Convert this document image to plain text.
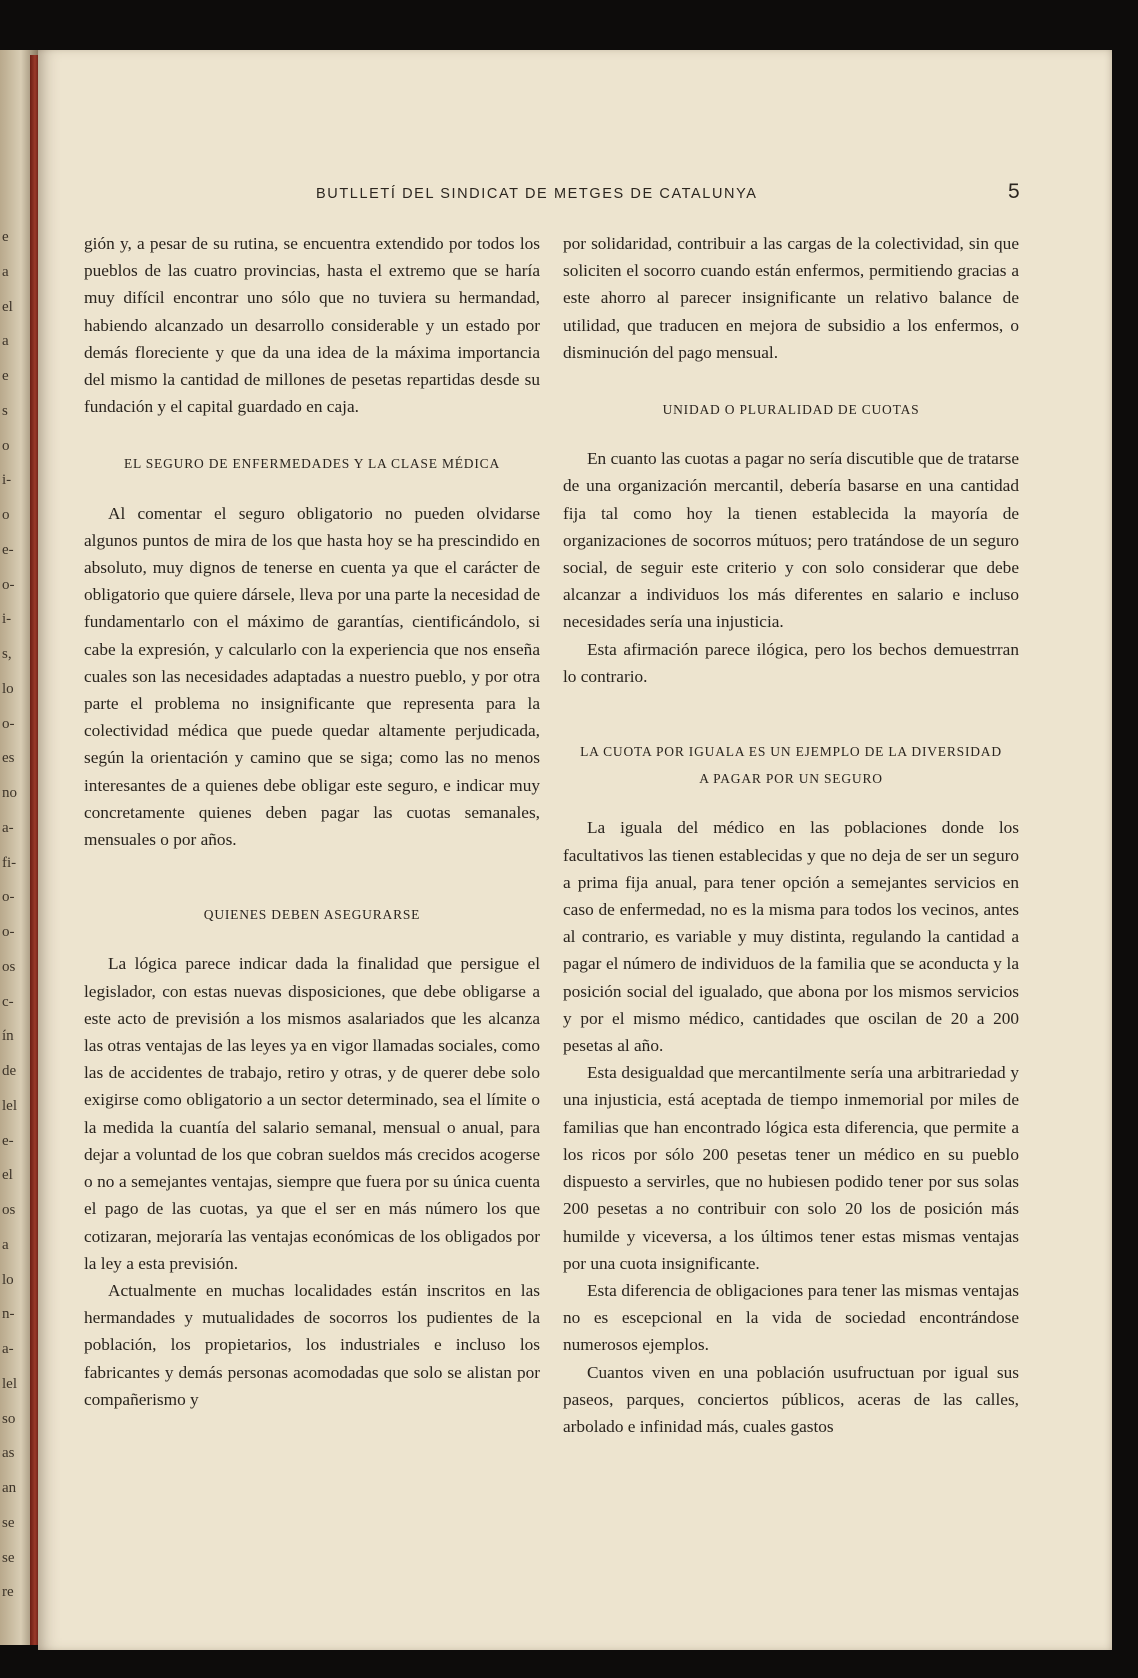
e
a
el
a
e
s
o
i-
o
e-
o-
i-
s,
lo
o-
es
no
a-
fi-
o-
o-
os
c-
ín
de
lel
e-
el
os
a
lo
n-
a-
lel
so
as
an
se
se
re
BUTLLETÍ DEL SINDICAT DE METGES DE CATALUNYA	5

gión y, a pesar de su rutina, se encuentra extendido por todos los pueblos de las cuatro provincias, hasta el extremo que se haría muy difícil encontrar uno sólo que no tuviera su hermandad, habiendo alcanzado un desarrollo considerable y un estado por demás floreciente y que da una idea de la máxima importancia del mismo la cantidad de millones de pesetas repartidas desde su fundación y el capital guardado en caja.

EL SEGURO DE ENFERMEDADES Y LA CLASE MÉDICA

Al comentar el seguro obligatorio no pueden olvidarse algunos puntos de mira de los que hasta hoy se ha prescindido en absoluto, muy dignos de tenerse en cuenta ya que el carácter de obligatorio que quiere dársele, lleva por una parte la necesidad de fundamentarlo con el máximo de garantías, cientificándolo, si cabe la expresión, y calcularlo con la experiencia que nos enseña cuales son las necesidades adaptadas a nuestro pueblo, y por otra parte el problema no insignificante que representa para la colectividad médica que puede quedar altamente perjudicada, según la orientación y camino que se siga; como las no menos interesantes de a quienes debe obligar este seguro, e indicar muy concretamente quienes deben pagar las cuotas semanales, mensuales o por años.

QUIENES DEBEN ASEGURARSE

La lógica parece indicar dada la finalidad que persigue el legislador, con estas nuevas disposiciones, que debe obligarse a este acto de previsión a los mismos asalariados que les alcanza las otras ventajas de las leyes ya en vigor llamadas sociales, como las de accidentes de trabajo, retiro y otras, y de querer debe solo exigirse como obligatorio a un sector determinado, sea el límite o la medida la cuantía del salario semanal, mensual o anual, para dejar a voluntad de los que cobran sueldos más crecidos acogerse o no a semejantes ventajas, siempre que fuera por su única cuenta el pago de las cuotas, ya que el ser en más número los que cotizaran, mejoraría las ventajas económicas de los obligados por la ley a esta previsión.

Actualmente en muchas localidades están inscritos en las hermandades y mutualidades de socorros los pudientes de la población, los propietarios, los industriales e incluso los fabricantes y demás personas acomodadas que solo se alistan por compañerismo y

por solidaridad, contribuir a las cargas de la colectividad, sin que soliciten el socorro cuando están enfermos, permitiendo gracias a este ahorro al parecer insignificante un relativo balance de utilidad, que traducen en mejora de subsidio a los enfermos, o disminución del pago mensual.

UNIDAD O PLURALIDAD DE CUOTAS

En cuanto las cuotas a pagar no sería discutible que de tratarse de una organización mercantil, debería basarse en una cantidad fija tal como hoy la tienen establecida la mayoría de organizaciones de socorros mútuos; pero tratándose de un seguro social, de seguir este criterio y con solo considerar que debe alcanzar a individuos los más diferentes en salario e incluso necesidades sería una injusticia.

Esta afirmación parece ilógica, pero los bechos demuestrran lo contrario.

LA CUOTA POR IGUALA ES UN EJEMPLO DE LA DIVERSIDAD

A PAGAR POR UN SEGURO

La iguala del médico en las poblaciones donde los facultativos las tienen establecidas y que no deja de ser un seguro a prima fija anual, para tener opción a semejantes servicios en caso de enfermedad, no es la misma para todos los vecinos, antes al contrario, es variable y muy distinta, regulando la cantidad a pagar el número de individuos de la familia que se aconducta y la posición social del igualado, que abona por los mismos servicios y por el mismo médico, cantidades que oscilan de 20 a 200 pesetas al año.

Esta desigualdad que mercantilmente sería una arbitrariedad y una injusticia, está aceptada de tiempo inmemorial por miles de familias que han encontrado lógica esta diferencia, que permite a los ricos por sólo 200 pesetas tener un médico en su pueblo dispuesto a servirles, que no hubiesen podido tener por sus solas 200 pesetas a no contribuir con solo 20 los de posición más humilde y viceversa, a los últimos tener estas mismas ventajas por una cuota insignificante.

Esta diferencia de obligaciones para tener las mismas ventajas no es escepcional en la vida de sociedad encontrándose numerosos ejemplos.

Cuantos viven en una población usufructuan por igual sus paseos, parques, conciertos públicos, aceras de las calles, arbolado e infinidad más, cuales gastos
